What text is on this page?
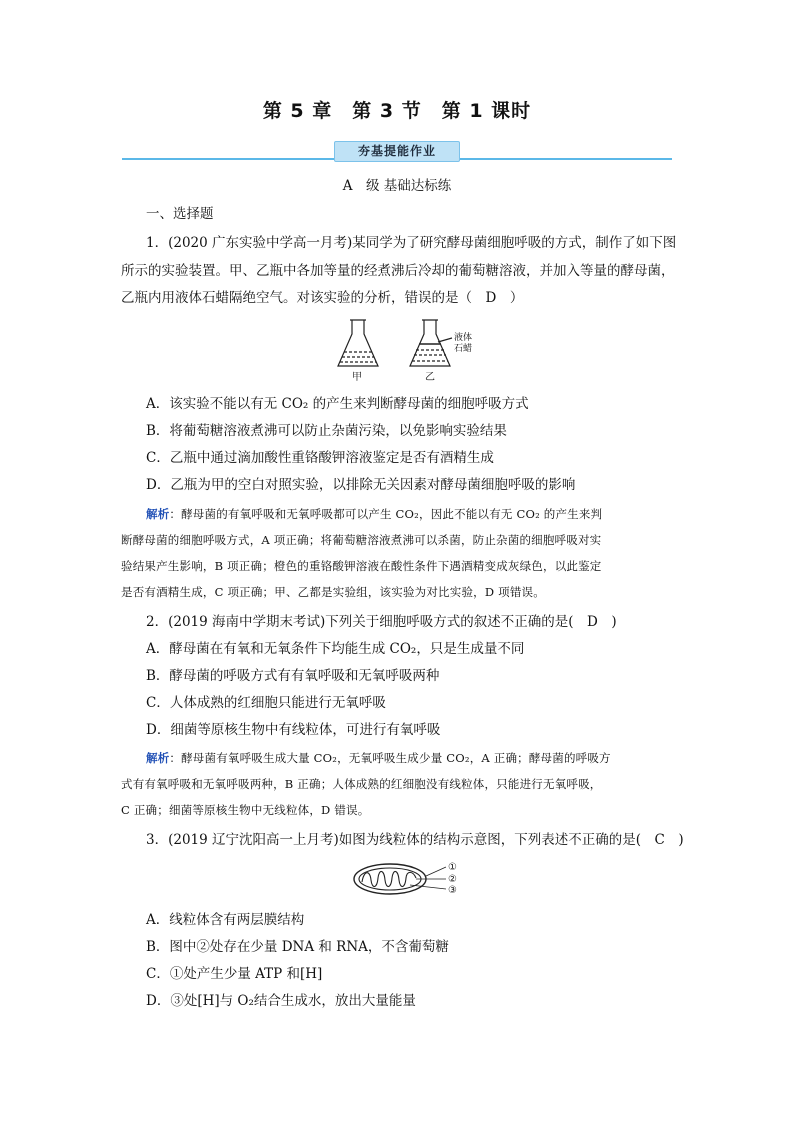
第 5 章　第 3 节　第 1 课时
夯基提能作业
A　级 基础达标练
一、选择题
1．(2020 广东实验中学高一月考)某同学为了研究酵母菌细胞呼吸的方式，制作了如下图
所示的实验装置。甲、乙瓶中各加等量的经煮沸后冷却的葡萄糖溶液，并加入等量的酵母菌，
乙瓶内用液体石蜡隔绝空气。对该实验的分析，错误的是（　D　）
甲	乙
液体
石蜡
A．该实验不能以有无 CO₂ 的产生来判断酵母菌的细胞呼吸方式
B．将葡萄糖溶液煮沸可以防止杂菌污染，以免影响实验结果
C．乙瓶中通过滴加酸性重铬酸钾溶液鉴定是否有酒精生成
D．乙瓶为甲的空白对照实验，以排除无关因素对酵母菌细胞呼吸的影响
解析：酵母菌的有氧呼吸和无氧呼吸都可以产生 CO₂，因此不能以有无 CO₂ 的产生来判
断酵母菌的细胞呼吸方式，A 项正确；将葡萄糖溶液煮沸可以杀菌，防止杂菌的细胞呼吸对实
验结果产生影响，B 项正确；橙色的重铬酸钾溶液在酸性条件下遇酒精变成灰绿色，以此鉴定
是否有酒精生成，C 项正确；甲、乙都是实验组，该实验为对比实验，D 项错误。
2．(2019 海南中学期末考试)下列关于细胞呼吸方式的叙述不正确的是(　D　)
A．酵母菌在有氧和无氧条件下均能生成 CO₂，只是生成量不同
B．酵母菌的呼吸方式有有氧呼吸和无氧呼吸两种
C．人体成熟的红细胞只能进行无氧呼吸
D．细菌等原核生物中有线粒体，可进行有氧呼吸
解析：酵母菌有氧呼吸生成大量 CO₂，无氧呼吸生成少量 CO₂，A 正确；酵母菌的呼吸方
式有有氧呼吸和无氧呼吸两种，B 正确；人体成熟的红细胞没有线粒体，只能进行无氧呼吸，
C 正确；细菌等原核生物中无线粒体，D 错误。
3．(2019 辽宁沈阳高一上月考)如图为线粒体的结构示意图，下列表述不正确的是(　C　)
①
②
③
A．线粒体含有两层膜结构
B．图中②处存在少量 DNA 和 RNA，不含葡萄糖
C．①处产生少量 ATP 和[H]
D．③处[H]与 O₂结合生成水，放出大量能量
